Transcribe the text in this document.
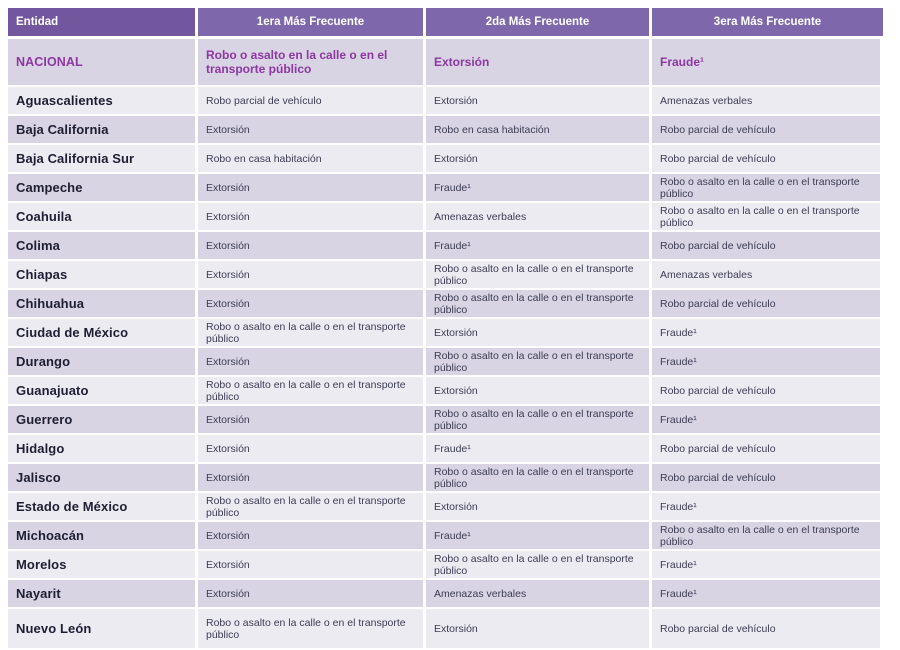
Entidad	1era Más Frecuente	2da Más Frecuente	3era Más Frecuente
NACIONAL	Robo o asalto en la calle o en el transporte público	Extorsión	Fraude¹
Aguascalientes	Robo parcial de vehículo	Extorsión	Amenazas verbales
Baja California	Extorsión	Robo en casa habitación	Robo parcial de vehículo
Baja California Sur	Robo en casa habitación	Extorsión	Robo parcial de vehículo
Campeche	Extorsión	Fraude¹	Robo o asalto en la calle o en el transporte público
Coahuila	Extorsión	Amenazas verbales	Robo o asalto en la calle o en el transporte público
Colima	Extorsión	Fraude¹	Robo parcial de vehículo
Chiapas	Extorsión	Robo o asalto en la calle o en el transporte público	Amenazas verbales
Chihuahua	Extorsión	Robo o asalto en la calle o en el transporte público	Robo parcial de vehículo
Ciudad de México	Robo o asalto en la calle o en el transporte público	Extorsión	Fraude¹
Durango	Extorsión	Robo o asalto en la calle o en el transporte público	Fraude¹
Guanajuato	Robo o asalto en la calle o en el transporte público	Extorsión	Robo parcial de vehículo
Guerrero	Extorsión	Robo o asalto en la calle o en el transporte público	Fraude¹
Hidalgo	Extorsión	Fraude¹	Robo parcial de vehículo
Jalisco	Extorsión	Robo o asalto en la calle o en el transporte público	Robo parcial de vehículo
Estado de México	Robo o asalto en la calle o en el transporte público	Extorsión	Fraude¹
Michoacán	Extorsión	Fraude¹	Robo o asalto en la calle o en el transporte público
Morelos	Extorsión	Robo o asalto en la calle o en el transporte público	Fraude¹
Nayarit	Extorsión	Amenazas verbales	Fraude¹
Nuevo León	Robo o asalto en la calle o en el transporte público	Extorsión	Robo parcial de vehículo
